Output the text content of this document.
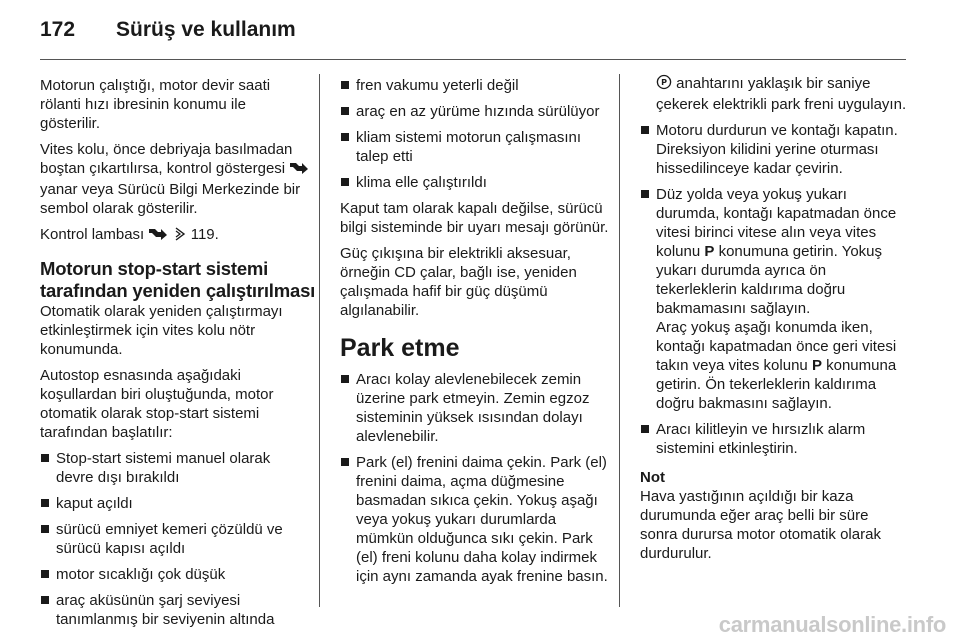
172 Sürüş ve kullanım

Motorun çalıştığı, motor devir saati rölanti hızı ibresinin konumu ile gösterilir.

Vites kolu, önce debriyaja basılmadan boştan çıkartılırsa, kontrol göstergesi  yanar veya Sürücü Bilgi Merkezinde bir sembol olarak gösterilir.

Kontrol lambası	119.

Motorun stop-start sistemi
tarafından yeniden çalıştırılması

Otomatik olarak yeniden çalıştırmayı etkinleştirmek için vites kolu nötr konumunda.

Autostop esnasında aşağıdaki koşullardan biri oluştuğunda, motor otomatik olarak stop-start sistemi tarafından başlatılır:

Stop-start sistemi manuel olarak devre dışı bırakıldı
kaput açıldı
sürücü emniyet kemeri çözüldü ve sürücü kapısı açıldı
motor sıcaklığı çok düşük
araç aküsünün şarj seviyesi tanımlanmış bir seviyenin altında
fren vakumu yeterli değil
araç en az yürüme hızında sürülüyor
kliam sistemi motorun çalışmasını talep etti
klima elle çalıştırıldı

Kaput tam olarak kapalı değilse, sürücü bilgi sisteminde bir uyarı mesajı görünür.

Güç çıkışına bir elektrikli aksesuar, örneğin CD çalar, bağlı ise, yeniden çalışmada hafif bir güç düşümü algılanabilir.

Park etme
Aracı kolay alevlenebilecek zemin üzerine park etmeyin. Zemin egzoz sisteminin yüksek ısısından dolayı alevlenebilir.
Park (el) frenini daima çekin. Park (el) frenini daima, açma düğmesine basmadan sıkıca çekin. Yokuş aşağı veya yokuş yukarı durumlarda mümkün olduğunca sıkı çekin. Park (el) freni kolunu daha kolay indirmek için aynı zamanda ayak frenine basın.
P anahtarını yaklaşık bir saniye çekerek elektrikli park freni uygulayın.
Motoru durdurun ve kontağı kapatın. Direksiyon kilidini yerine oturması hissedilinceye kadar çevirin.
Düz yolda veya yokuş yukarı durumda, kontağı kapatmadan önce vitesi birinci vitese alın veya vites kolunu P konumuna getirin. Yokuş yukarı durumda ayrıca ön tekerleklerin kaldırıma doğru bakmamasını sağlayın.

Araç yokuş aşağı konumda iken, kontağı kapatmadan önce geri vitesi takın veya vites kolunu P konumuna getirin. Ön tekerleklerin kaldırıma doğru bakmasını sağlayın.

Aracı kilitleyin ve hırsızlık alarm sistemini etkinleştirin.
Not

Hava yastığının açıldığı bir kaza durumunda eğer araç belli bir süre sonra durursa motor otomatik olarak durdurulur.

carmanualsonline.info
